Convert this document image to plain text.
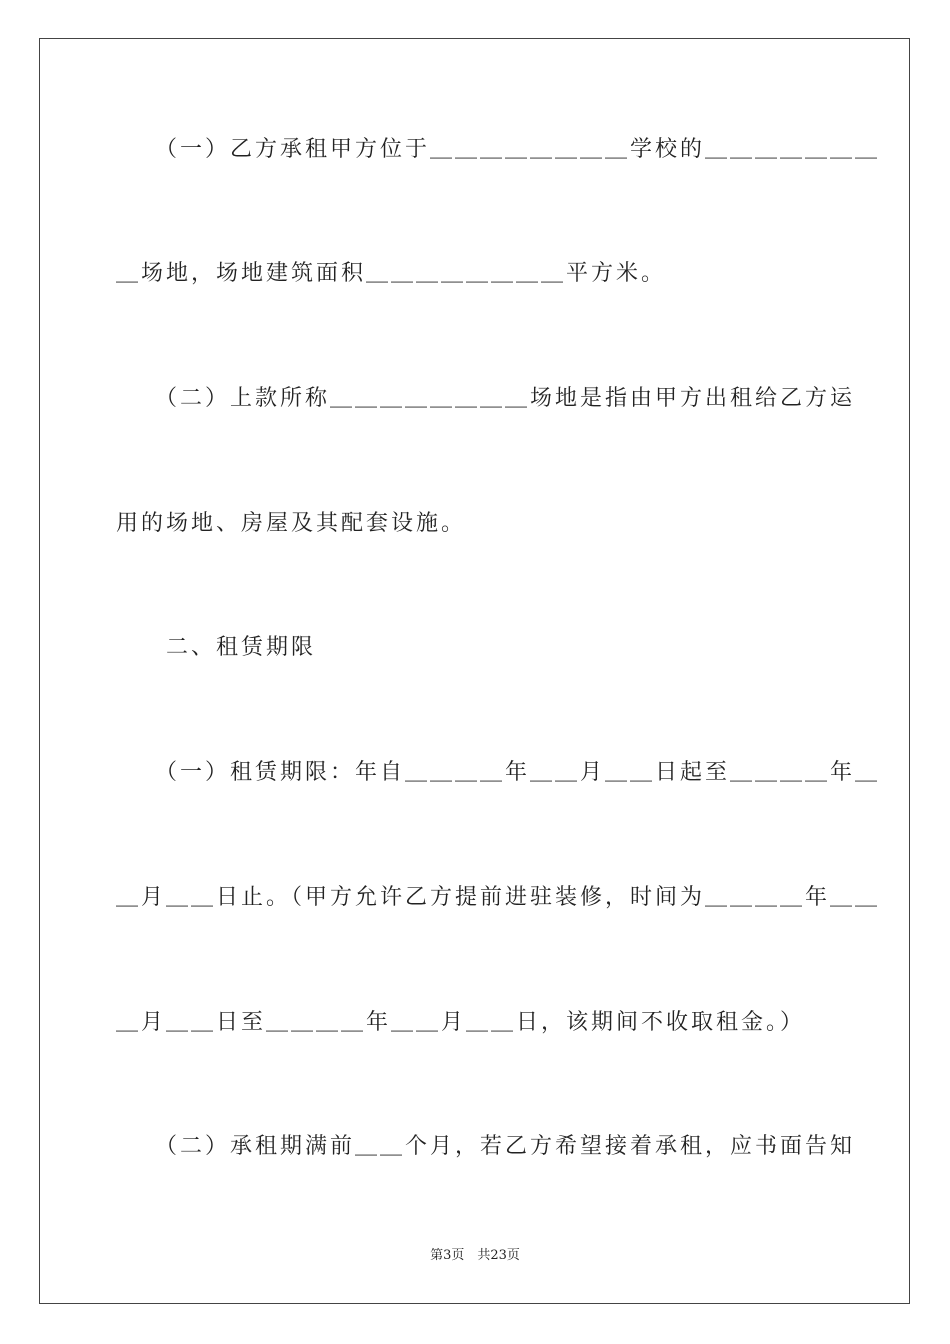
　　（一）乙方承租甲方位于＿＿＿＿＿＿＿＿学校的＿＿＿＿＿＿＿
＿场地，场地建筑面积＿＿＿＿＿＿＿＿平方米。
　　（二）上款所称＿＿＿＿＿＿＿＿场地是指由甲方出租给乙方运
用的场地、房屋及其配套设施。
　　二、租赁期限
　　（一）租赁期限：年自＿＿＿＿年＿＿月＿＿日起至＿＿＿＿年＿
＿月＿＿日止。（甲方允许乙方提前进驻装修，时间为＿＿＿＿年＿＿
＿月＿＿日至＿＿＿＿年＿＿月＿＿日，该期间不收取租金。）
　　（二）承租期满前＿＿个月，若乙方希望接着承租，应书面告知
第3页　共23页
